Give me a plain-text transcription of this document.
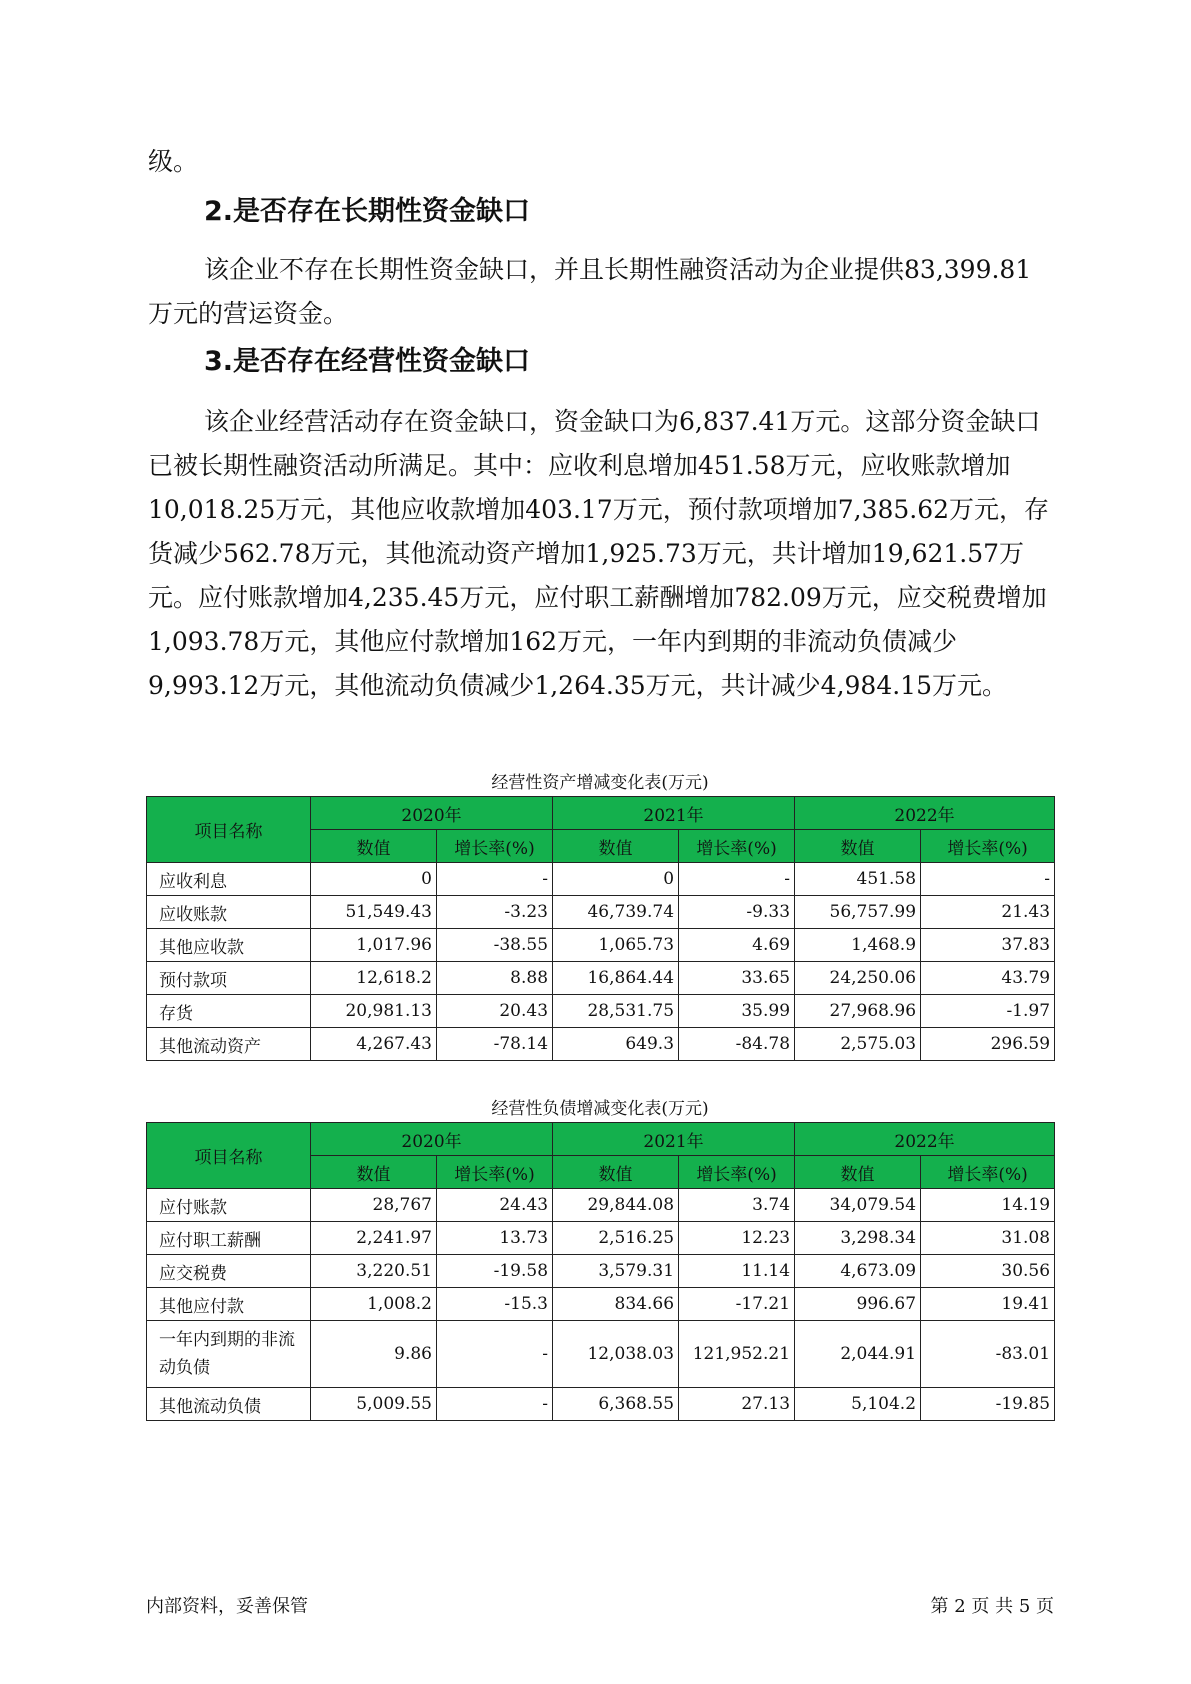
级。

2.是否存在长期性资金缺口

该企业不存在长期性资金缺口，并且长期性融资活动为企业提供83,399.81万元的营运资金。

3.是否存在经营性资金缺口

该企业经营活动存在资金缺口，资金缺口为6,837.41万元。这部分资金缺口已被长期性融资活动所满足。其中：应收利息增加451.58万元，应收账款增加10,018.25万元，其他应收款增加403.17万元，预付款项增加7,385.62万元，存货减少562.78万元，其他流动资产增加1,925.73万元，共计增加19,621.57万元。应付账款增加4,235.45万元，应付职工薪酬增加782.09万元，应交税费增加1,093.78万元，其他应付款增加162万元，一年内到期的非流动负债减少9,993.12万元，其他流动负债减少1,264.35万元，共计减少4,984.15万元。

经营性资产增减变化表(万元)
项目名称	2020年		2021年		2022年	
	数值	增长率(%)	数值	增长率(%)	数值	增长率(%)
应收利息	0	-	0	-	451.58	-
应收账款	51,549.43	-3.23	46,739.74	-9.33	56,757.99	21.43
其他应收款	1,017.96	-38.55	1,065.73	4.69	1,468.9	37.83
预付款项	12,618.2	8.88	16,864.44	33.65	24,250.06	43.79
存货	20,981.13	20.43	28,531.75	35.99	27,968.96	-1.97
其他流动资产	4,267.43	-78.14	649.3	-84.78	2,575.03	296.59
经营性负债增减变化表(万元)
项目名称	2020年		2021年		2022年	
	数值	增长率(%)	数值	增长率(%)	数值	增长率(%)
应付账款	28,767	24.43	29,844.08	3.74	34,079.54	14.19
应付职工薪酬	2,241.97	13.73	2,516.25	12.23	3,298.34	31.08
应交税费	3,220.51	-19.58	3,579.31	11.14	4,673.09	30.56
其他应付款	1,008.2	-15.3	834.66	-17.21	996.67	19.41
一年内到期的非流动负债	9.86	-	12,038.03	121,952.21	2,044.91	-83.01
其他流动负债	5,009.55	-	6,368.55	27.13	5,104.2	-19.85
内部资料，妥善保管	第 2 页 共 5 页
